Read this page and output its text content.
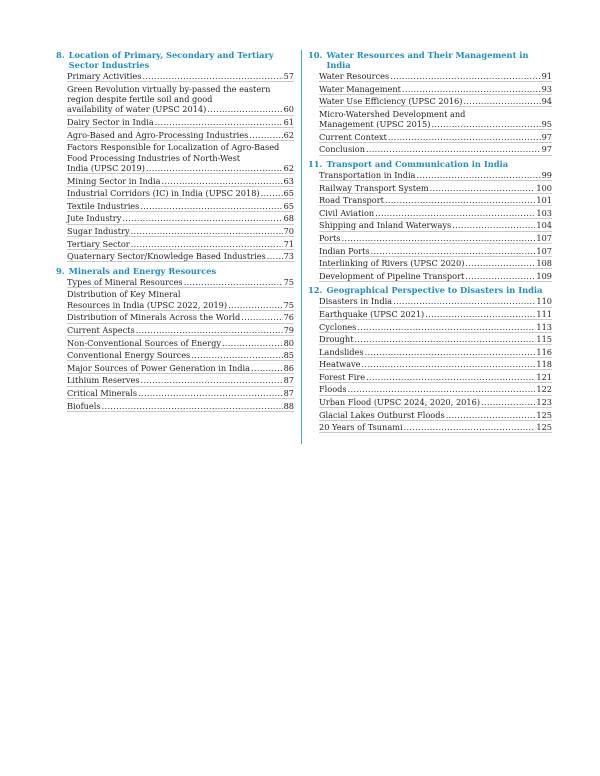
8. Location of Primary, Secondary and Tertiary Sector Industries
Primary Activities .....	57
Green Revolution virtually by-passed the eastern
region despite fertile soil and good
availability of water (UPSC 2014) .....	60
Dairy Sector in India .....	61
Agro-Based and Agro-Processing Industries .....	62
Factors Responsible for Localization of Agro-Based
Food Processing Industries of North-West
India (UPSC 2019) .....	62
Mining Sector in India .....	63
Industrial Corridors (IC) in India (UPSC 2018) .....	65
Textile Industries .....	65
Jute Industry .....	68
Sugar Industry .....	70
Tertiary Sector .....	71
Quaternary Sector/Knowledge Based Industries ..... 73
9. Minerals and Energy Resources
Types of Mineral Resources .....	75
Distribution of Key Mineral
Resources in India (UPSC 2022, 2019) .....	75
Distribution of Minerals Across the World .....	76
Current Aspects .....	79
Non-Conventional Sources of Energy .....	80
Conventional Energy Sources .....	85
Major Sources of Power Generation in India .....	86
Lithium Reserves .....	87
Critical Minerals .....	87
Biofuels .....	88
10. Water Resources and Their Management in India
Water Resources .....	91
Water Management .....	93
Water Use Efficiency (UPSC 2016) .....	94
Micro-Watershed Development and
Management (UPSC 2015) .....	95
Current Context .....	97
Conclusion .....	97
11. Transport and Communication in India
Transportation in India .....	99
Railway Transport System .....	100
Road Transport .....	101
Civil Aviation .....	103
Shipping and Inland Waterways .....	104
Ports .....	107
Indian Ports .....	107
Interlinking of Rivers (UPSC 2020) .....	108
Development of Pipeline Transport .....	109
12. Geographical Perspective to Disasters in India
Disasters in India .....	110
Earthquake (UPSC 2021) .....	111
Cyclones .....	113
Drought .....	115
Landslides .....	116
Heatwave .....	118
Forest Fire .....	121
Floods .....	122
Urban Flood (UPSC 2024, 2020, 2016) .....	123
Glacial Lakes Outburst Floods .....	125
20 Years of Tsunami .....	125
